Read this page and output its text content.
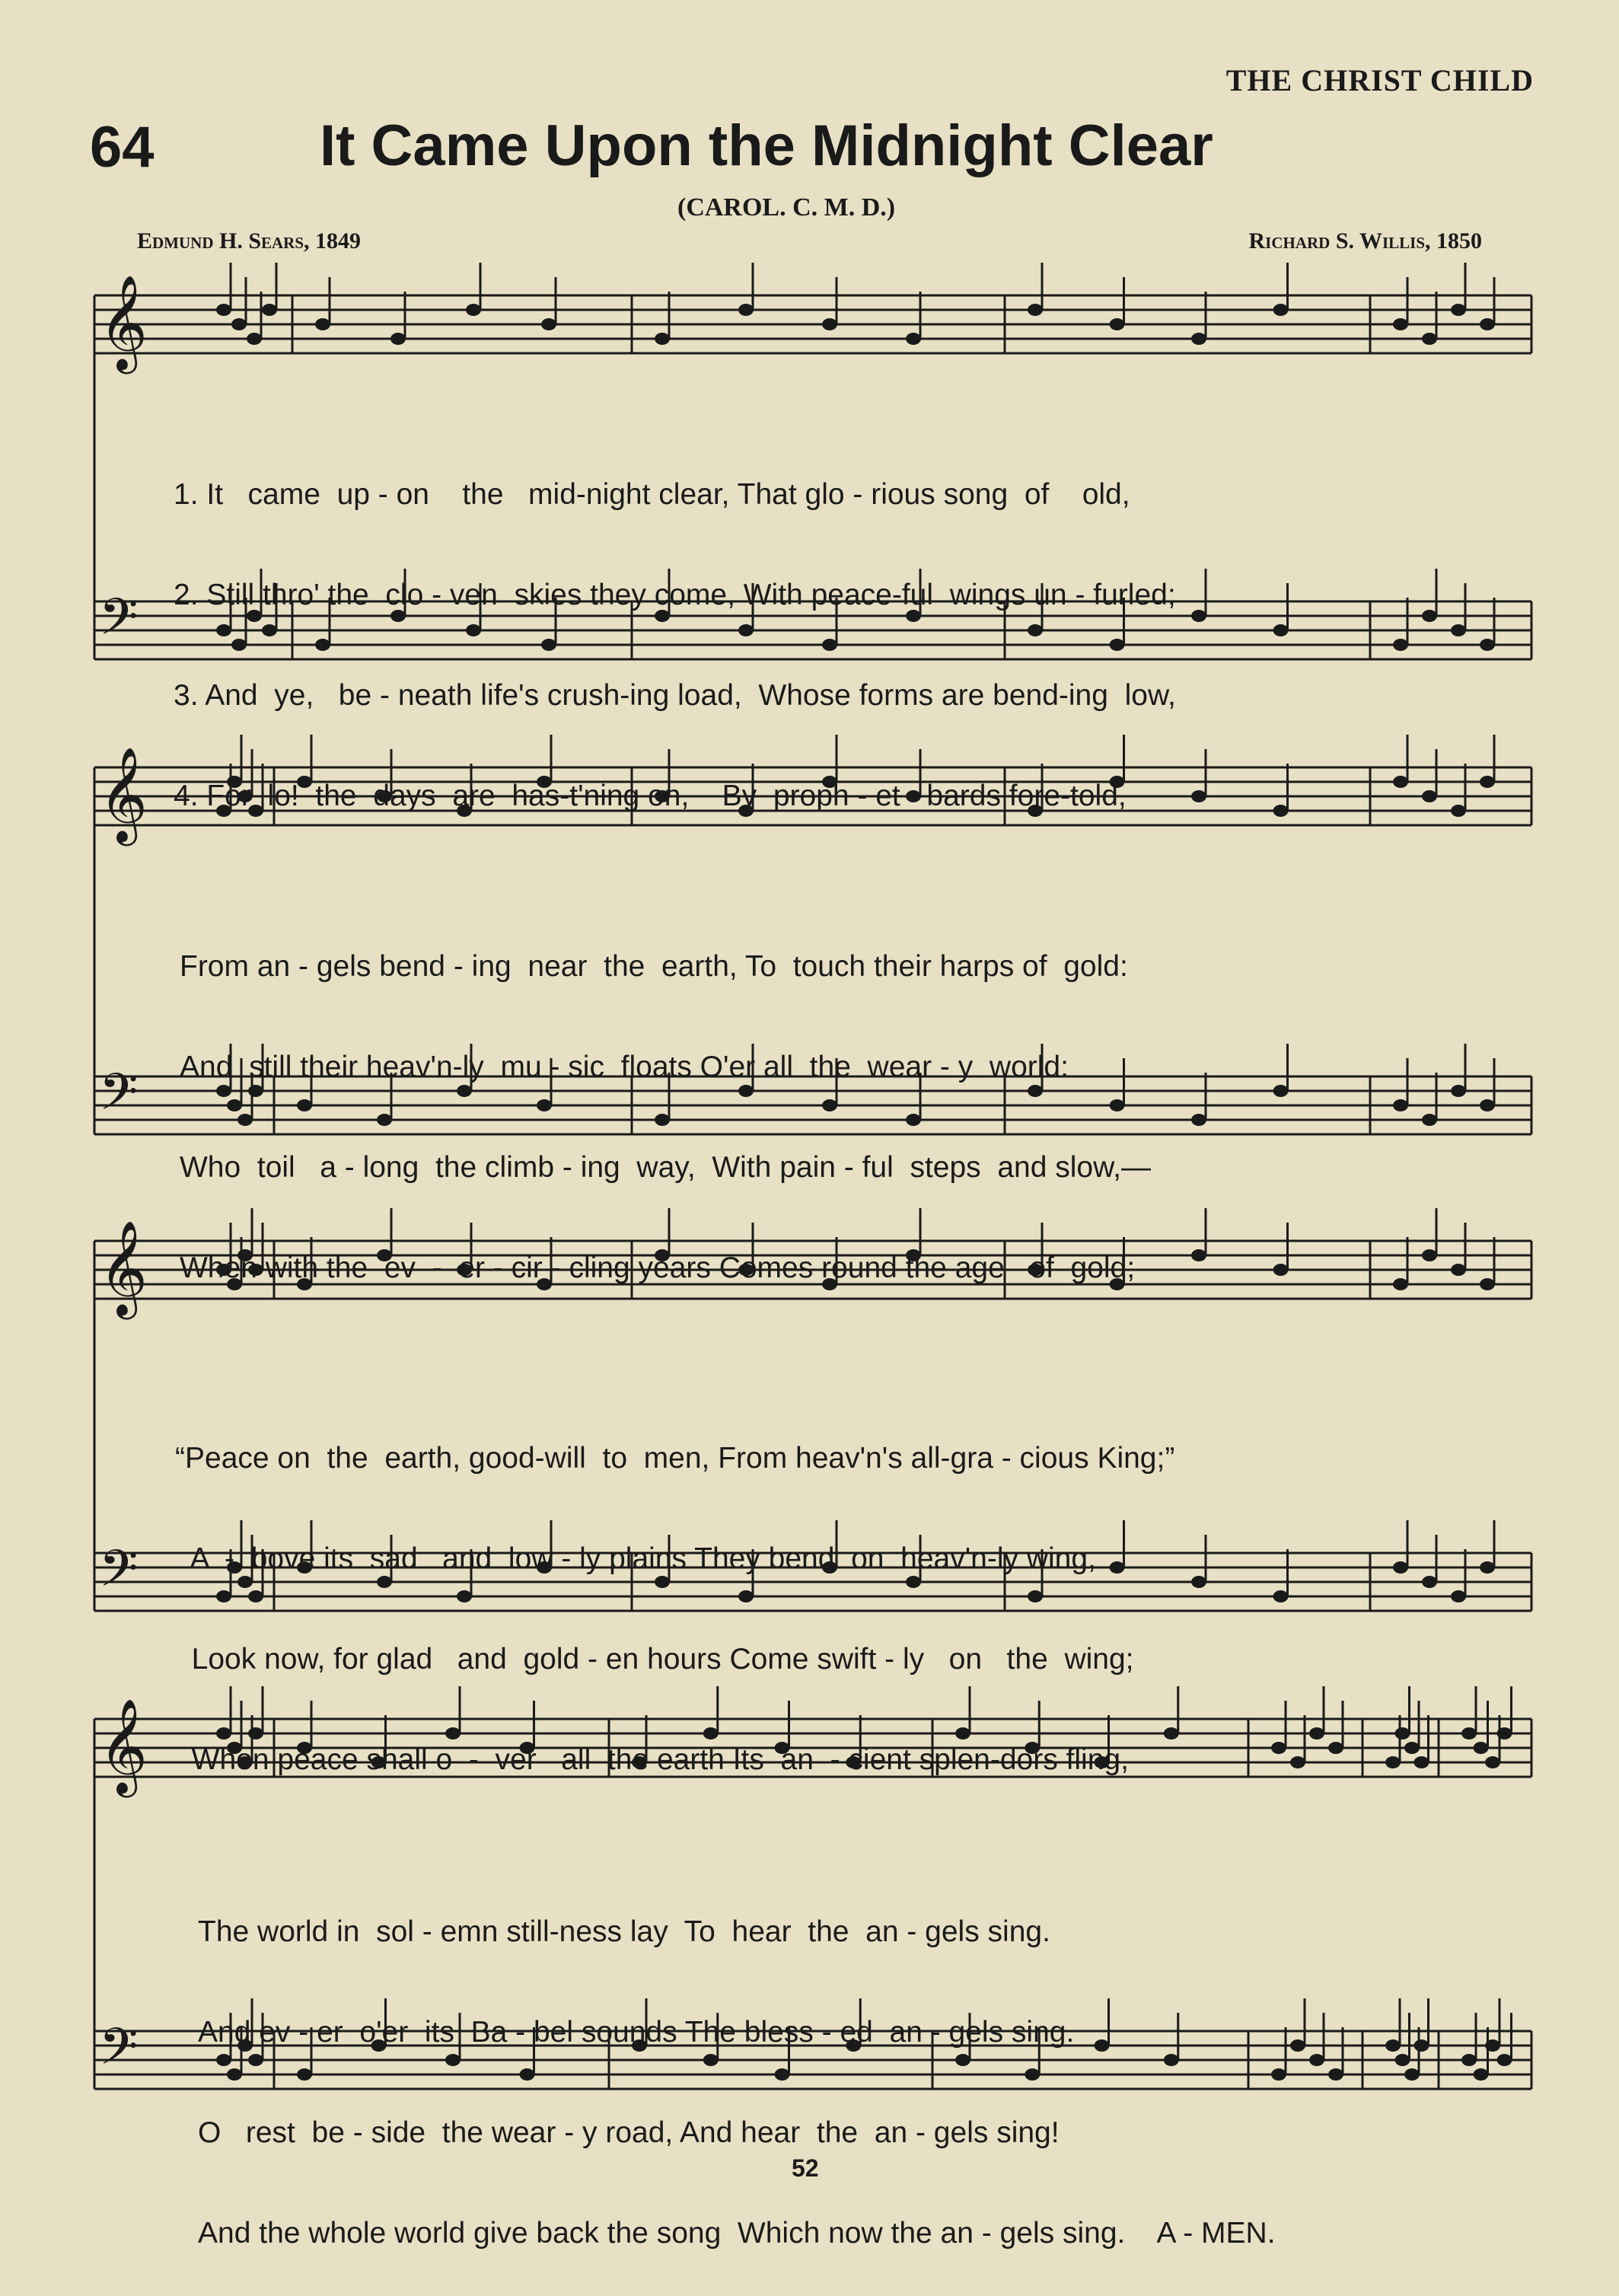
THE CHRIST CHILD
64	It Came Upon the Midnight Clear
(CAROL. C. M. D.)
Edmund H. Sears, 1849	Richard S. Willis, 1850
𝄞
𝄢
𝄞
𝄢
𝄞
𝄢
𝄞
𝄢

1. It   came  up - on    the   mid-night clear, That glo - rious song  of    old,

2. Still thro' the  clo - ven  skies they come, With peace-ful  wings un - furled;

3. And  ye,   be - neath life's crush-ing load,  Whose forms are bend-ing  low,

4. For  lo!  the  days  are  has-t'ning on,    By  proph - et - bards fore-told,

From an - gels bend - ing  near  the  earth, To  touch their harps of  gold:

And  still their heav'n-ly  mu - sic  floats O'er all  the  wear - y  world:

Who  toil   a - long  the climb - ing  way,  With pain - ful  steps  and slow,—

When with the  ev  -  er - cir - cling years Comes round the age   of  gold;

“Peace on  the  earth, good-will  to  men, From heav'n's all-gra - cious King;”

A  -  bove its  sad   and  low - ly plains They bend  on  heav'n-ly wing,

Look now, for glad   and  gold - en hours Come swift - ly   on   the  wing;

When peace shall o  -  ver   all  the earth Its  an  - cient splen-dors fling,

The world in  sol - emn still-ness lay  To  hear  the  an - gels sing.

And ev - er  o'er  its  Ba - bel sounds The bless - ed  an - gels sing.

O   rest  be - side  the wear - y road, And hear  the  an - gels sing!

And the whole world give back the song  Which now the an - gels sing.    A - MEN.

52
